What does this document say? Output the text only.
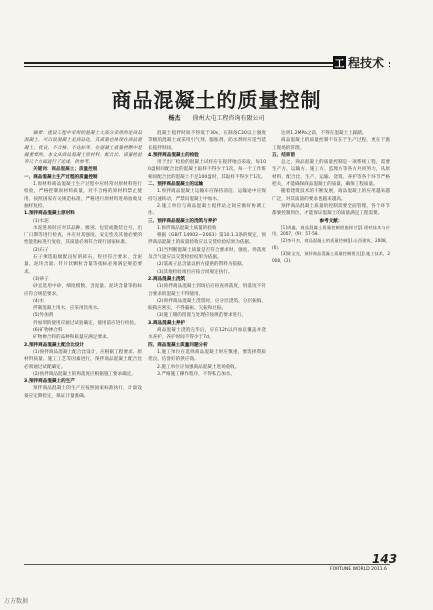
工 程技术
商品混凝土的质量控制
杨杰 徐州大屯工程咨询有限公司

摘要：建设工程中采用的混凝土大部分采用的是商品混凝土，可以说混凝土是商品化，其质量也体现在商品混凝土，优良，不合格、不达标等，在混凝土质量控制中是最重要的。本文从商品混凝土原材料、配合比、质量检验等几个方面进行了论述，供参考。

关键词：商品混凝土；质量控制

一、商品混凝土生产过程的质量控制

1.原材料商品混凝土生产过程中应经常对原材料进行检验，严格控制原材料质量，对不合格的原材料禁止使用，按照国家有关规范标准，严格进行原材料进场验收及抽样复检。

1.预拌商品混凝土原材料

(1)水泥

水泥进场时应对其品种、级别、包装或散装仓号、出厂日期等进行检查，并应对其强度、安定性及其他必要的性能指标进行复验，其质量必须符合现行国家标准。

(2)石子

石子须选取级配良好的碎石，粒径符合要求，含泥量、泥块含量、针片状颗粒含量等指标必须满足规范要求。

(3)砂子

砂宜选用中砂，细度模数、含泥量、泥块含量等指标应符合规范要求。

(4)水

拌制混凝土用水，应采用饮用水。

(5)外加剂

外加剂的使用应通过试验确定，使用前应进行检验。

(6)矿物掺合料

矿物掺合料的品种和质量应满足要求。

2.预拌商品混凝土配合比设计

(1)预拌商品混凝土配合比设计，应根据工程要求、原材料质量、施工工艺等因素进行，预拌商品混凝土配合比必须通过试配确定。

(2)预拌商品混凝土的坍落度应根据施工要求确定。

3.预拌商品混凝土的生产

预拌商品混凝土的生产应按照国家标准执行，计量设备应定期检定，保证计量准确。

混凝土搅拌时间不得低于30s，在制备C30以上强度等级的混凝土或采用引气剂、膨胀剂、防水剂时应适当延长搅拌时间。

4.预拌商品混凝土的检验

用于出厂检验的混凝土试样应在搅拌地点采取，每100盘相同配合比的混凝土取样不得少于1次，每一个工作班相同配合比的混凝土不足100盘时，其取样不得少于1次。

二、预拌商品混凝土的运输

1.预拌商品混凝土运输车应保持清洁，运输途中应保持匀速转动，严禁向混凝土中加水。

2.施工单位与商品混凝土搅拌站之间应做好协调工作。

三、预拌商品混凝土的浇筑与养护

1.预拌商品混凝土质量的验收

根据《GB/T 14902—2003》第10.1.3条的规定，预拌商品混凝土的质量验收应以交货检验结果为依据。

(1)当判断混凝土质量是否符合要求时，强度、坍落度及含气量应以交货检验结果为依据。

(2)氯离子总含量以供方提供的资料为依据。

(3)其他检验项目应按合同规定执行。

2.商品混凝土浇筑

(1)预拌商品混凝土到场后应检查坍落度，坍落度不符合要求的混凝土不得使用。

(2)预拌商品混凝土浇筑时，应分层浇筑、分层振捣，振捣应密实，不得漏振、欠振和过振。

(3)施工缝的留置与处理应按规范要求进行。

3.商品混凝土养护

商品混凝土浇筑完毕后，应在12h以内加以覆盖并浇水养护，养护时间不得少于7d。

四、商品混凝土质量问题分析

1.施工单位在选择商品混凝土时应慎重，要选择资质优良、信誉好的供应商。

2.施工单位应加强商品混凝土进场验收。

3.严格施工操作程序，不得私自加水。

达到1.2MPa之前，不得在混凝土上踩踏。

商品混凝土的质量控制不仅在于生产过程，更在于施工现场的管理。

五、结束语

总之，商品混凝土的质量控制是一项系统工程，需要生产方、运输方、施工方、监理方等各方共同努力，从原材料、配合比、生产、运输、浇筑、养护等各个环节严格把关，才能确保商品混凝土的质量，确保工程质量。

随着建筑技术的不断发展，商品混凝土的应用越来越广泛，对其质量的要求也越来越高。

预拌商品混凝土质量的控制需要全面管理，各个环节都要控制到位，才能保证混凝土的质量满足工程需要。

参考文献：

[1]周鑫，商品混凝土质量控制措施探讨[J].建材技术与应用，2007，(9)：57-58.

[2]李开杰，商品混凝土的质量控制[J].山西建筑，2008，(6).

[3]陈宝光，预拌商品混凝土质量控制要点[J].施工技术，2008，(2).

143
FORTUNE WORLD 2011.6
万方数据
